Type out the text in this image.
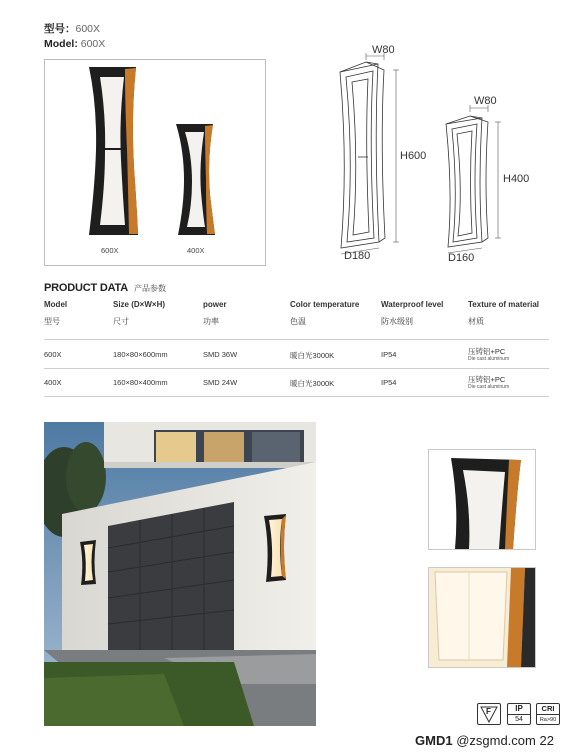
型号：600X
Model: 600X
600X	400X
W80
H600
D180
W80
H400
D160
PRODUCT DATA 产品参数
Model	Size (D×W×H)	power	Color temperature	Waterproof level	Texture of material
型号	尺寸	功率	色温	防水级别	材质
600X	180×80×600mm	SMD 36W	暖白光3000K	IP54	压铸铝+PC
Die cast aluminum
400X	160×80×400mm	SMD 24W	暖白光3000K	IP54	压铸铝+PC
Die cast aluminum
F	IP
54
CRI
Ra>90
GMD1 @zsgmd.com 22
